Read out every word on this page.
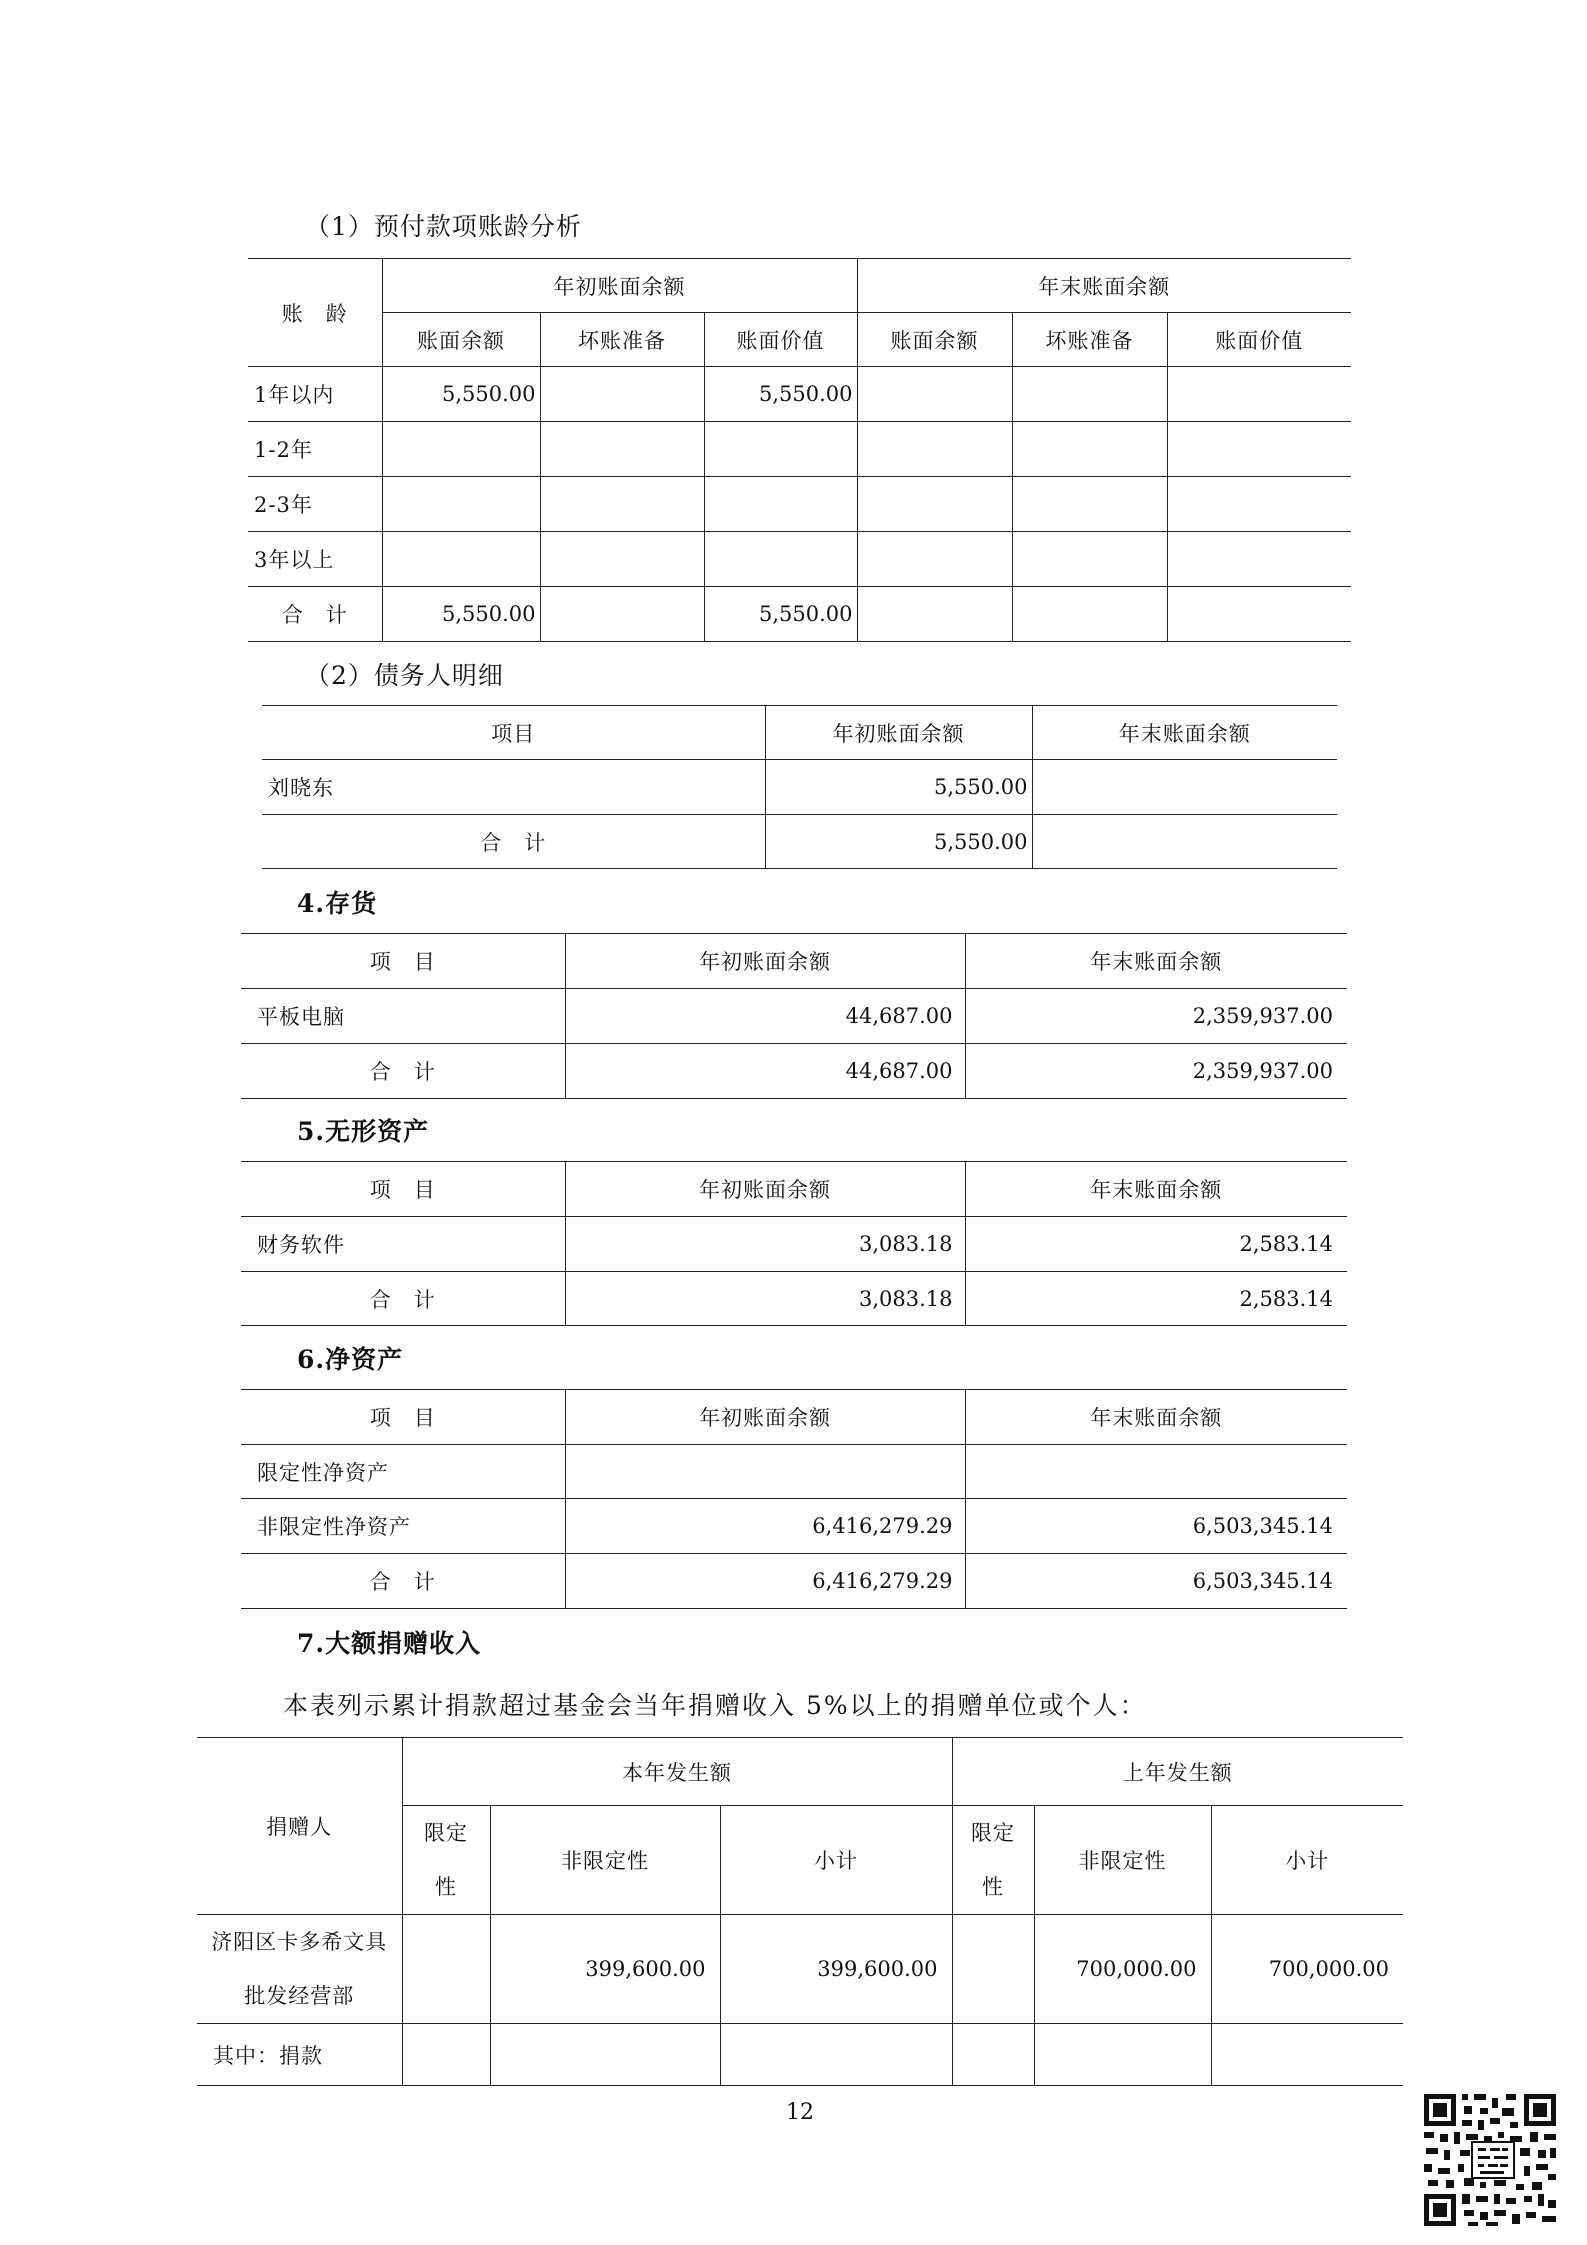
（1）预付款项账龄分析
账　龄	年初账面余额			年末账面余额		
	账面余额	坏账准备	账面价值	账面余额	坏账准备	账面价值
1年以内	5,550.00		5,550.00			
1-2年						
2-3年						
3年以上						
合　计	5,550.00		5,550.00			
（2）债务人明细
项目	年初账面余额	年末账面余额
刘晓东	5,550.00	
合　计	5,550.00	
4.存货
项　目	年初账面余额	年末账面余额
平板电脑	44,687.00	2,359,937.00
合　计	44,687.00	2,359,937.00
5.无形资产
项　目	年初账面余额	年末账面余额
财务软件	3,083.18	2,583.14
合　计	3,083.18	2,583.14
6.净资产
项　目	年初账面余额	年末账面余额
限定性净资产		
非限定性净资产	6,416,279.29	6,503,345.14
合　计	6,416,279.29	6,503,345.14
7.大额捐赠收入
本表列示累计捐款超过基金会当年捐赠收入 5%以上的捐赠单位或个人：
捐赠人	本年发生额			上年发生额		
	限定性	非限定性	小计	限定性	非限定性	小计
济阳区卡多希文具批发经营部		399,600.00	399,600.00		700,000.00	700,000.00
其中：捐款						
12
